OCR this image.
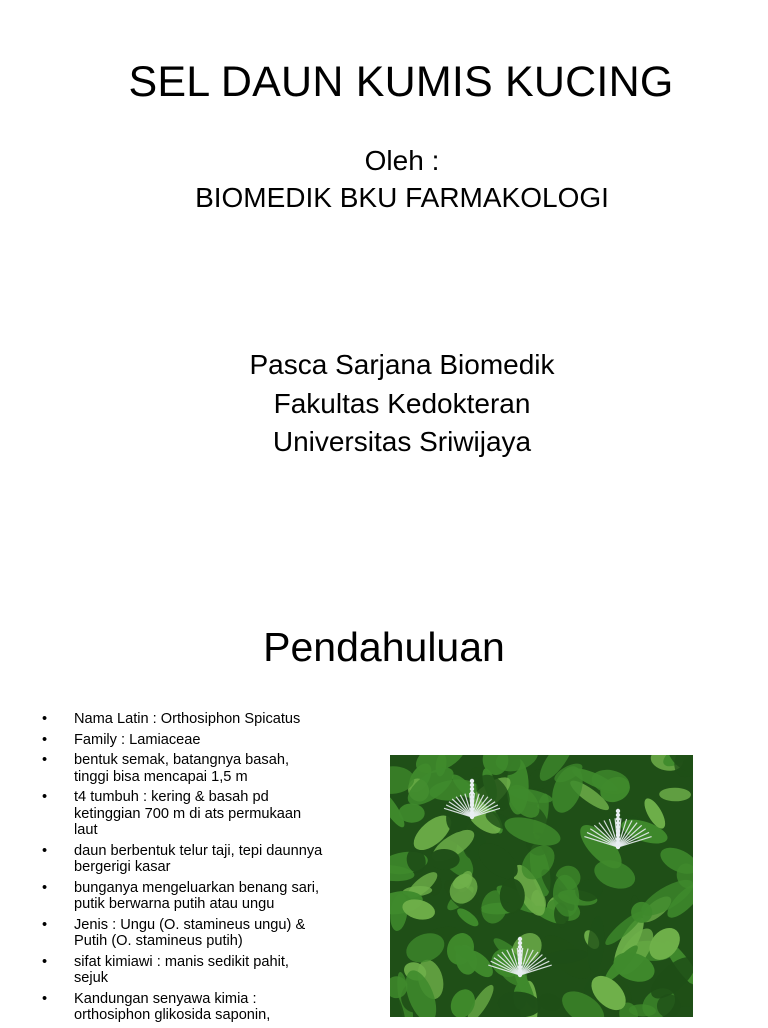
SEL DAUN KUMIS KUCING
Oleh :
BIOMEDIK BKU FARMAKOLOGI
Pasca Sarjana Biomedik
Fakultas Kedokteran
Universitas Sriwijaya
Pendahuluan
• Nama Latin : Orthosiphon Spicatus
• Family : Lamiaceae
• bentuk semak, batangnya basah,
tinggi bisa mencapai 1,5 m
• t4 tumbuh : kering & basah pd
ketinggian 700 m di ats permukaan
laut
• daun berbentuk telur taji, tepi daunnya
bergerigi kasar
• bunganya mengeluarkan benang sari,
putik berwarna putih atau ungu
• Jenis : Ungu (O. stamineus ungu) &
Putih (O. stamineus putih)
• sifat kimiawi : manis sedikit pahit,
sejuk
• Kandungan senyawa kimia :
orthosiphon glikosida saponin,
